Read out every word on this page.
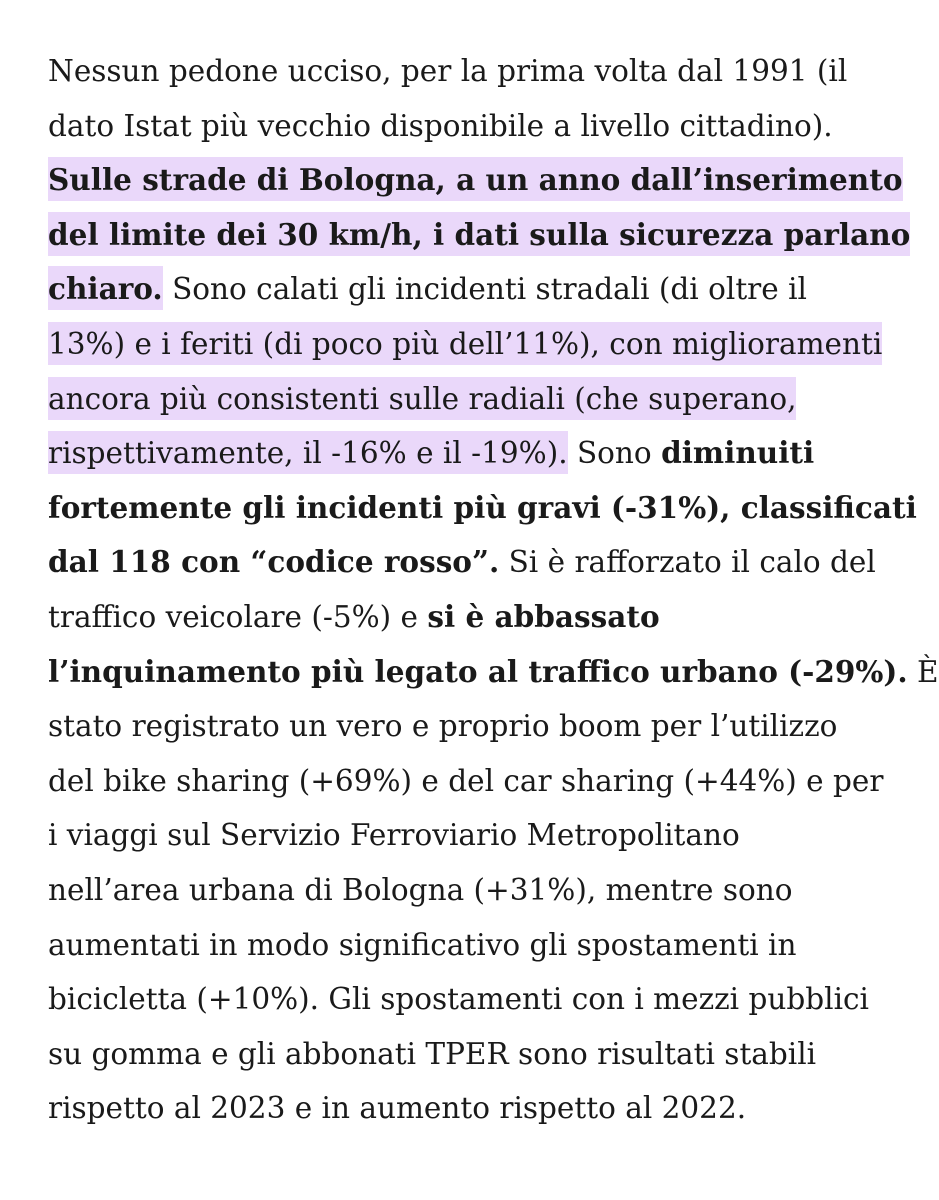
Nessun pedone ucciso, per la prima volta dal 1991 (il
dato Istat più vecchio disponibile a livello cittadino).
Sulle strade di Bologna, a un anno dall’inserimento
del limite dei 30 km/h, i dati sulla sicurezza parlano
chiaro. Sono calati gli incidenti stradali (di oltre il
13%) e i feriti (di poco più dell’11%), con miglioramenti
ancora più consistenti sulle radiali (che superano,
rispettivamente, il -16% e il -19%). Sono diminuiti
fortemente gli incidenti più gravi (-31%), classificati
dal 118 con “codice rosso”. Si è rafforzato il calo del
traffico veicolare (-5%) e si è abbassato
l’inquinamento più legato al traffico urbano (-29%). È
stato registrato un vero e proprio boom per l’utilizzo
del bike sharing (+69%) e del car sharing (+44%) e per
i viaggi sul Servizio Ferroviario Metropolitano
nell’area urbana di Bologna (+31%), mentre sono
aumentati in modo significativo gli spostamenti in
bicicletta (+10%). Gli spostamenti con i mezzi pubblici
su gomma e gli abbonati TPER sono risultati stabili
rispetto al 2023 e in aumento rispetto al 2022.
